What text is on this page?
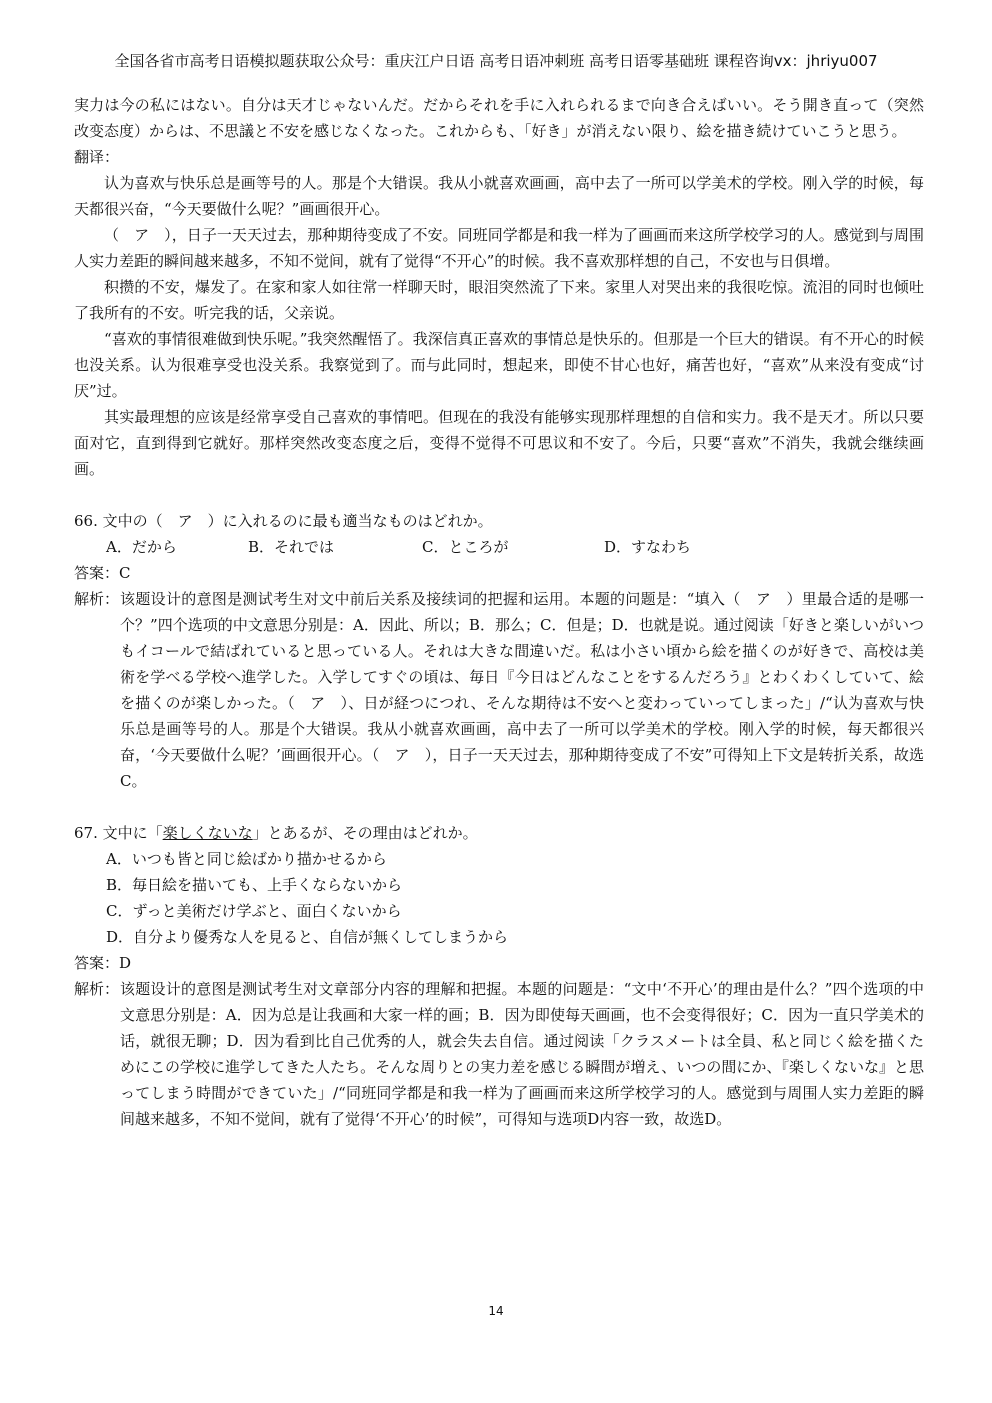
全国各省市高考日语模拟题获取公众号：重庆江户日语 高考日语冲刺班 高考日语零基础班 课程咨询vx：jhriyu007

実力は今の私にはない。自分は天才じゃないんだ。だからそれを手に入れられるまで向き合えばいい。そう開き直って（突然改变态度）からは、不思議と不安を感じなくなった。これからも、「好き」が消えない限り、絵を描き続けていこうと思う。

翻译：

认为喜欢与快乐总是画等号的人。那是个大错误。我从小就喜欢画画，高中去了一所可以学美术的学校。刚入学的时候，每天都很兴奋，“今天要做什么呢？”画画很开心。

（　ア　），日子一天天过去，那种期待变成了不安。同班同学都是和我一样为了画画而来这所学校学习的人。感觉到与周围人实力差距的瞬间越来越多，不知不觉间，就有了觉得“不开心”的时候。我不喜欢那样想的自己，不安也与日俱增。

积攒的不安，爆发了。在家和家人如往常一样聊天时，眼泪突然流了下来。家里人对哭出来的我很吃惊。流泪的同时也倾吐了我所有的不安。听完我的话，父亲说。

“喜欢的事情很难做到快乐呢。”我突然醒悟了。我深信真正喜欢的事情总是快乐的。但那是一个巨大的错误。有不开心的时候也没关系。认为很难享受也没关系。我察觉到了。而与此同时，想起来，即使不甘心也好，痛苦也好，“喜欢”从来没有变成“讨厌”过。

其实最理想的应该是经常享受自己喜欢的事情吧。但现在的我没有能够实现那样理想的自信和实力。我不是天才。所以只要面对它，直到得到它就好。那样突然改变态度之后，变得不觉得不可思议和不安了。今后，只要“喜欢”不消失，我就会继续画画。

66. 文中の（　ア　）に入れるのに最も適当なものはどれか。

A．だから	B．それでは	C．ところが	D．すなわち

答案：C

解析： 该题设计的意图是测试考生对文中前后关系及接续词的把握和运用。本题的问题是：“填入（　ア　）里最合适的是哪一个？”四个选项的中文意思分别是：A．因此、所以；B．那么；C．但是；D．也就是说。通过阅读「好きと楽しいがいつもイコールで結ばれていると思っている人。それは大きな間違いだ。私は小さい頃から絵を描くのが好きで、高校は美術を学べる学校へ進学した。入学してすぐの頃は、毎日『今日はどんなことをするんだろう』とわくわくしていて、絵を描くのが楽しかった。（　ア　）、日が経つにつれ、そんな期待は不安へと変わっていってしまった」/“认为喜欢与快乐总是画等号的人。那是个大错误。我从小就喜欢画画，高中去了一所可以学美术的学校。刚入学的时候，每天都很兴奋，‘今天要做什么呢？’画画很开心。（　ア　），日子一天天过去，那种期待变成了不安”可得知上下文是转折关系，故选C。

67. 文中に「楽しくないな」とあるが、その理由はどれか。

A．いつも皆と同じ絵ばかり描かせるから

B．毎日絵を描いても、上手くならないから

C．ずっと美術だけ学ぶと、面白くないから

D．自分より優秀な人を見ると、自信が無くしてしまうから

答案：D

解析： 该题设计的意图是测试考生对文章部分内容的理解和把握。本题的问题是：“文中‘不开心’的理由是什么？”四个选项的中文意思分别是：A．因为总是让我画和大家一样的画；B．因为即使每天画画，也不会变得很好；C．因为一直只学美术的话，就很无聊；D．因为看到比自己优秀的人，就会失去自信。通过阅读「クラスメートは全員、私と同じく絵を描くためにこの学校に進学してきた人たち。そんな周りとの実力差を感じる瞬間が増え、いつの間にか、『楽しくないな』と思ってしまう時間ができていた」/“同班同学都是和我一样为了画画而来这所学校学习的人。感觉到与周围人实力差距的瞬间越来越多，不知不觉间，就有了觉得‘不开心’的时候”，可得知与选项D内容一致，故选D。
14
